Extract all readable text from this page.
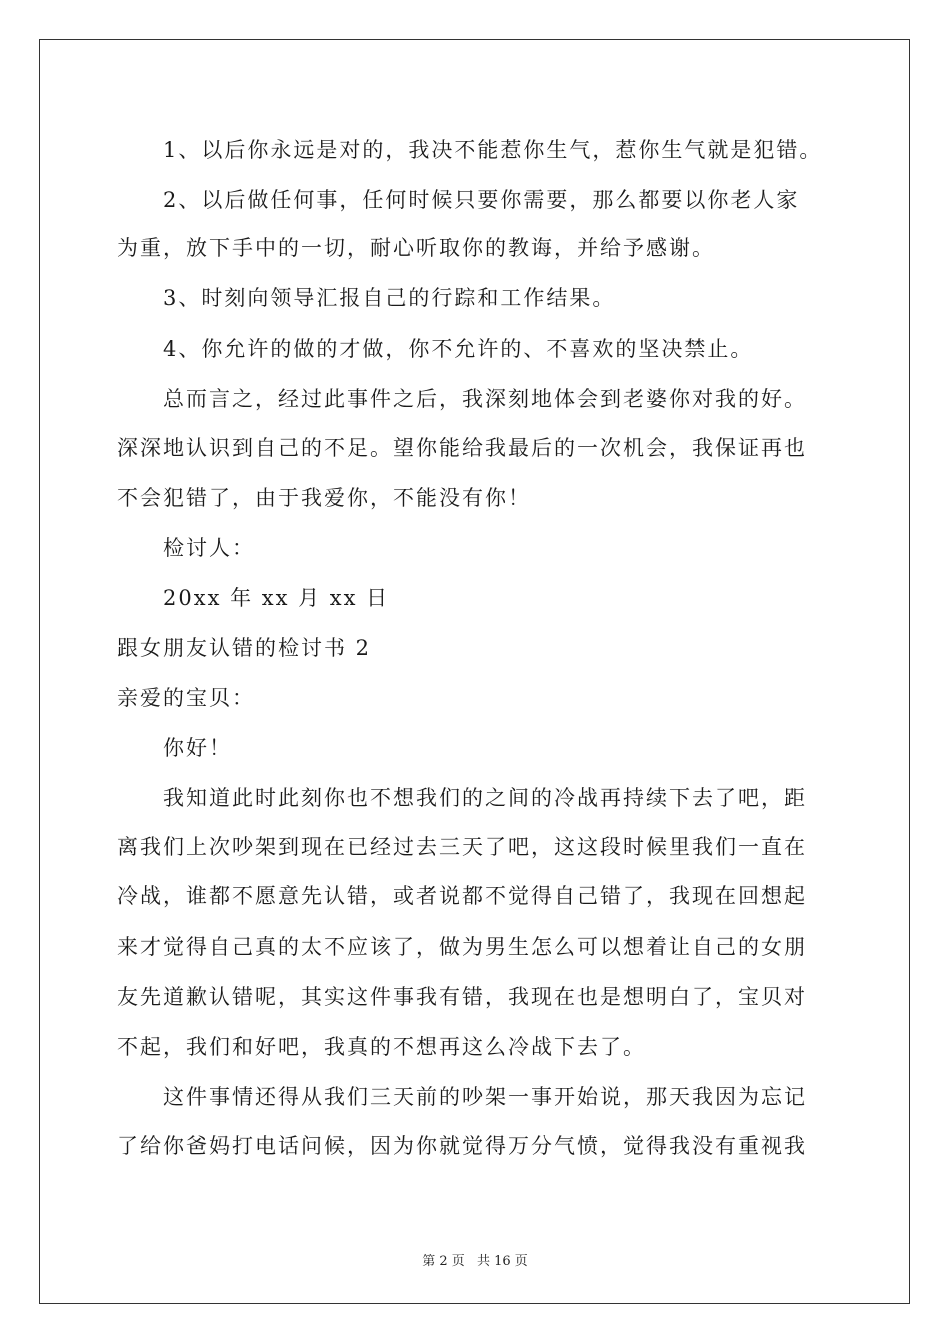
1、以后你永远是对的，我决不能惹你生气，惹你生气就是犯错。
2、以后做任何事，任何时候只要你需要，那么都要以你老人家
为重，放下手中的一切，耐心听取你的教诲，并给予感谢。
3、时刻向领导汇报自己的行踪和工作结果。
4、你允许的做的才做，你不允许的、不喜欢的坚决禁止。
总而言之，经过此事件之后，我深刻地体会到老婆你对我的好。
深深地认识到自己的不足。望你能给我最后的一次机会，我保证再也
不会犯错了，由于我爱你，不能没有你！
检讨人：
20xx 年 xx 月 xx 日
跟女朋友认错的检讨书 2
亲爱的宝贝：
你好！
我知道此时此刻你也不想我们的之间的冷战再持续下去了吧，距
离我们上次吵架到现在已经过去三天了吧，这这段时候里我们一直在
冷战，谁都不愿意先认错，或者说都不觉得自己错了，我现在回想起
来才觉得自己真的太不应该了，做为男生怎么可以想着让自己的女朋
友先道歉认错呢，其实这件事我有错，我现在也是想明白了，宝贝对
不起，我们和好吧，我真的不想再这么冷战下去了。
这件事情还得从我们三天前的吵架一事开始说，那天我因为忘记
了给你爸妈打电话问候，因为你就觉得万分气愤，觉得我没有重视我
第 2 页 共 16 页
